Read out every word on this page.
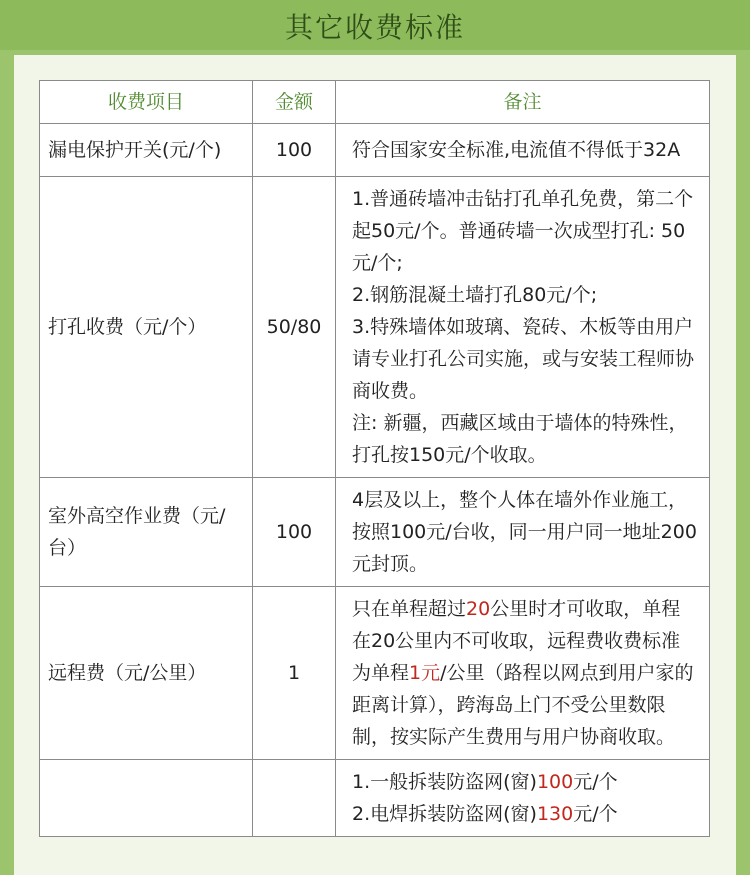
其它收费标准
收费项目	金额	备注
漏电保护开关(元/个)	100	符合国家安全标准,电流值不得低于32A

打孔收费（元/个）	50/80	1.普通砖墙冲击钻打孔单孔免费，第二个起50元/个。普通砖墙一次成型打孔: 50元/个;
2.钢筋混凝土墙打孔80元/个;
3.特殊墙体如玻璃、瓷砖、木板等由用户请专业打孔公司实施，或与安装工程师协商收费。
注: 新疆，西藏区域由于墙体的特殊性，打孔按150元/个收取。

室外高空作业费（元/台）	100	4层及以上，整个人体在墙外作业施工，按照100元/台收，同一用户同一地址200元封顶。

远程费（元/公里）	1	只在单程超过20公里时才可收取，单程在20公里内不可收取，远程费收费标准为单程1元/公里（路程以网点到用户家的距离计算），跨海岛上门不受公里数限制，按实际产生费用与用户协商收取。

		1.一般拆装防盗网(窗)100元/个
2.电焊拆装防盗网(窗)130元/个
